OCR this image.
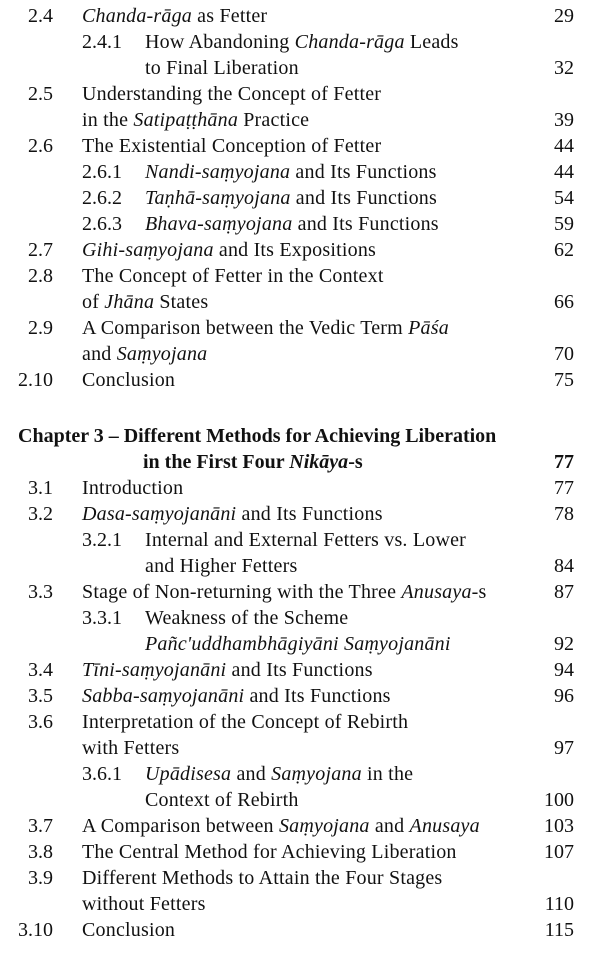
2.4 Chanda-rāga as Fetter	29
2.4.1 How Abandoning Chanda-rāga Leads
to Final Liberation	32
2.5 Understanding the Concept of Fetter
in the Satipaṭṭhāna Practice	39
2.6 The Existential Conception of Fetter	44
2.6.1 Nandi-saṃyojana and Its Functions	44
2.6.2 Taṇhā-saṃyojana and Its Functions	54
2.6.3 Bhava-saṃyojana and Its Functions	59
2.7 Gihi-saṃyojana and Its Expositions	62
2.8 The Concept of Fetter in the Context
of Jhāna States	66
2.9 A Comparison between the Vedic Term Pāśa
and Saṃyojana	70
2.10 Conclusion	75
Chapter 3 – Different Methods for Achieving Liberation
in the First Four Nikāya-s	77
3.1 Introduction	77
3.2 Dasa-saṃyojanāni and Its Functions	78
3.2.1 Internal and External Fetters vs. Lower
and Higher Fetters	84
3.3 Stage of Non-returning with the Three Anusaya-s	87
3.3.1 Weakness of the Scheme
Pañc'uddhambhāgiyāni Saṃyojanāni	92
3.4 Tīni-saṃyojanāni and Its Functions	94
3.5 Sabba-saṃyojanāni and Its Functions	96
3.6 Interpretation of the Concept of Rebirth
with Fetters	97
3.6.1 Upādisesa and Saṃyojana in the
Context of Rebirth	100
3.7 A Comparison between Saṃyojana and Anusaya	103
3.8 The Central Method for Achieving Liberation	107
3.9 Different Methods to Attain the Four Stages
without Fetters	110
3.10 Conclusion	115
